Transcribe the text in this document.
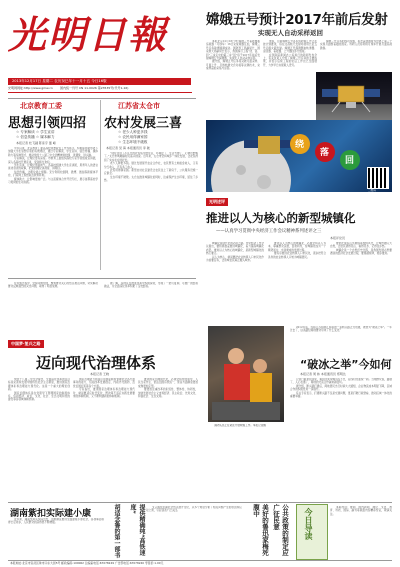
光明日報
2013年12月17日 星期二 农历癸巳年十一月十五 今日16版
光明网网址:http://www.gmw.cn 国内统一刊号 CN 11-0026 第23535号(代号1-16)
嫦娥五号预计2017年前后发射
实现无人自动采样返回

本报北京12月16日电 嫦娥三号着陆器和巡视器（月球车）16日完成两器互拍，嫦娥三号任务取得圆满成功。国防科工局副局长、国家航天局副局长表示，我国探月工程“绕、落、回”三步走中的第三步“回”将于2017年前后发射嫦娥五号探测器，实现无人自动采样返回。

据介绍，嫦娥五号任务将突破月面采样、月面上升、月球轨道交会对接等关键技术，完成样品的采集与返回。

他说，目前嫦娥五号各系统研制工作正在按计划推进，将在文昌航天发射场使用长征五号运载火箭发射。嫦娥五号探测器由轨道器、返回器、着陆器、上升器四部分组成。

在国务院新闻办公室举行的新闻发布会上，有关负责人介绍了嫦娥三号任务的主要成果，并表示后续工程的论证工作也已全面展开，力争早日实现载人登月。

嫦娥三号任务的成功实施，标志着我国成为世界上第三个实现月面软着陆的国家。科研人员将利用月球车开展月面巡视勘察。

绕
落
回
二维码
北京教育工委
思想引领四招
☆ 专家解读 ☆ 学生宣讲
☆ 信息传播 ☆ 媒本解力
本报记者 杜飞越 陈彦宇 董 峰

今年以来，北京教育工委以高校思想政治工作为抓手，积极探索新形势下加强大学生思想引领的有效途径，通过专家解读、学生宣讲、信息传播、媒体助力等多种形式，推动党的十八届三中全会精神进校园、进课堂、进头脑。

专家解读，让理论更有深度。市教育工委组织高校专家学者组成宣讲团，深入各高校开展宣讲，受到师生欢迎。

学生宣讲，让理论更接地气。各高校组建大学生宣讲团，用青年人的语言讲述身边的故事，把党的理论讲清楚、讲明白。

信息传播，让理论插上翅膀。充分利用校园网、微博、微信等新媒体平台，打造网上思想政治教育阵地。

媒体助力，让影响更加广泛。与主流媒体合作开设专栏，展示首都高校学习贯彻的生动实践。

江苏省太仓市
农村发展三喜
☆ 老少人种更多钱
☆ 农民用得满家园
☆ 生态环境不破败
本报记者 吴 海 本报通讯员 李 骏

“现在住进了小区式的农民集中居住区，环境好了，生活方便了，心情也舒畅了。”太仓市城厢镇村民高兴地说。近年来，太仓市坚持城乡一体化发展，让农民得到了实实在在的好处。

老少人种更多钱。通过发展现代农业合作社，农民既有土地租金收入，又有分红收入，还有务工收入。

农民用得满家园。新型农村社区建设让农民住上了新房子，公共服务设施一应俱全。

生态环境不破败。太仓在推进城镇化的同时，注重保护生态环境，留住了乡愁。

光明述评
推进以人为核心的新型城镇化
——认真学习贯彻中央经济工作会议精神系列述评之三
本报评论员

城镇化是现代化的必由之路。中央经济工作会议提出，要积极稳妥推进城镇化，着力提高城镇化质量。推进以人为核心的城镇化，是新型城镇化的核心要义。

以人为核心，就是要把农业转移人口市民化作为首要任务，让进城农民真正融入城市。

推进以人为核心的城镇化，必须坚持以人为本，尊重群众意愿，因势利导，使城镇化成为一个顺势而为、水到渠成的发展过程。

要有序推进农业转移人口市民化，逐步把符合条件的农业转移人口转为城镇居民。

要依托现有山水脉络等独特风光，让城市融入大自然，让居民望得见山、看得见水、记得住乡愁。

城镇化是一个自然历史过程，是我国发展必然要遇到的经济社会发展过程，要遵循规律，稳步推进。

据了解，各地区在推进改革中积极探索，形成了一批可复制、可推广的经验做法，为全面深化改革积累了宝贵经验。

在实施过程中，坚持问题导向，聚焦群众关心的热点难点问题，切实解决群众反映强烈的突出问题，取得了明显成效。

中国梦·复兴之路
迈向现代治理体系
本报记者 王晓

党的十八届三中全会提出，全面深化改革的总目标是完善和发展中国特色社会主义制度，推进国家治理体系和治理能力现代化。这是一个重大的理论创新。

国家治理体系是在党领导下管理国家的制度体系，包括经济、政治、文化、社会、生态文明和党的建设等各领域体制机制。

国家治理能力则是运用国家制度管理社会各方面事务的能力，包括改革发展稳定、内政外交国防、治党治国治军等各个方面。

专家指出，推进国家治理体系和治理能力现代化，就是要适应时代变化，既改革不适应实践发展要求的体制机制，又不断构建新的体制机制。

推进国家治理现代化，必须坚持党的领导、人民当家作主、依法治国有机统一，使各方面制度更加成熟更加定型。

要更加注重改革的系统性、整体性、协同性，加快发展社会主义市场经济、民主政治、先进文化、和谐社会、生态文明。

消防队员正在紧张开展救援工作。本报记者摄

2012年底，连接江苏和浙江两省的一条断头路正式贯通，被誉为“破冰之举”。一年过去了，这条路给两地群众带来了什么变化？

“破冰之举”今如何
本报记者 周 炜 本报通讯员 郑明达

记者日前来到这里，看到往来车辆川流不息，沿线村庄面貌一新。当地群众说，路通了，人心也通了，两地的交流合作越来越密切。

据介绍，断头路打通后，两地居民出行时间大大缩短，企业物流成本明显下降，区域合作的积极性进一步提升。

有关专家表示，打通断头路不仅是交通问题，更是打破行政壁垒、推动区域一体化的重要举措。

湖南紫扣实际建小康

近年来，湖南坚持从实际出发，因地制宜推进全面建成小康社会，各项事业取得长足进步，人民群众的获得感不断增强。	胡适念鲁的第一部书	提供精确纯“高铁速度”	文章围绕近期社会热点展开讨论，从多个角度分析了相关问题产生的原因和应对之策，引起读者广泛关注。	美好的鲁迅家梅死腹中	公共政策的制定应广征民意	今日导读

本期导读：要闻、国内新闻、理论、文化、教育、科技、国际、副刊等版面内容精彩纷呈，敬请关注。

本报地址:北京市宣武区珠市口东大街5号 邮政编码:100062 总编室电话:67078249 广告部电话:67078240 零售价:1.00元
